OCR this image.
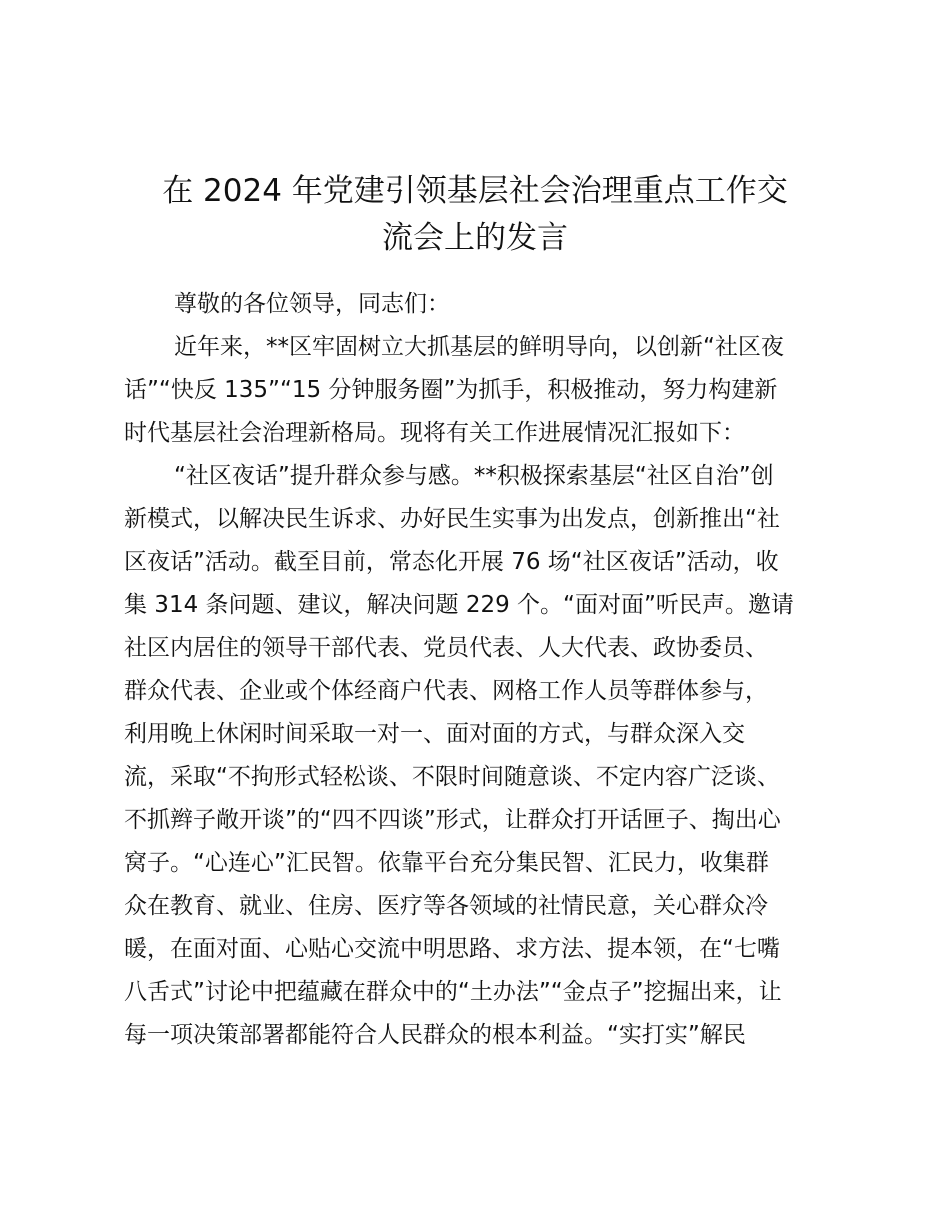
在 2024 年党建引领基层社会治理重点工作交
流会上的发言

尊敬的各位领导，同志们：

近年来，**区牢固树立大抓基层的鲜明导向，以创新“社区夜

话”“快反 135”“15 分钟服务圈”为抓手，积极推动，努力构建新

时代基层社会治理新格局。现将有关工作进展情况汇报如下：

“社区夜话”提升群众参与感。**积极探索基层“社区自治”创

新模式，以解决民生诉求、办好民生实事为出发点，创新推出“社

区夜话”活动。截至目前，常态化开展 76 场“社区夜话”活动，收

集 314 条问题、建议，解决问题 229 个。“面对面”听民声。邀请

社区内居住的领导干部代表、党员代表、人大代表、政协委员、

群众代表、企业或个体经商户代表、网格工作人员等群体参与，

利用晚上休闲时间采取一对一、面对面的方式，与群众深入交

流，采取“不拘形式轻松谈、不限时间随意谈、不定内容广泛谈、

不抓辫子敞开谈”的“四不四谈”形式，让群众打开话匣子、掏出心

窝子。“心连心”汇民智。依靠平台充分集民智、汇民力，收集群

众在教育、就业、住房、医疗等各领域的社情民意，关心群众冷

暖，在面对面、心贴心交流中明思路、求方法、提本领，在“七嘴

八舌式”讨论中把蕴藏在群众中的“土办法”“金点子”挖掘出来，让

每一项决策部署都能符合人民群众的根本利益。“实打实”解民
